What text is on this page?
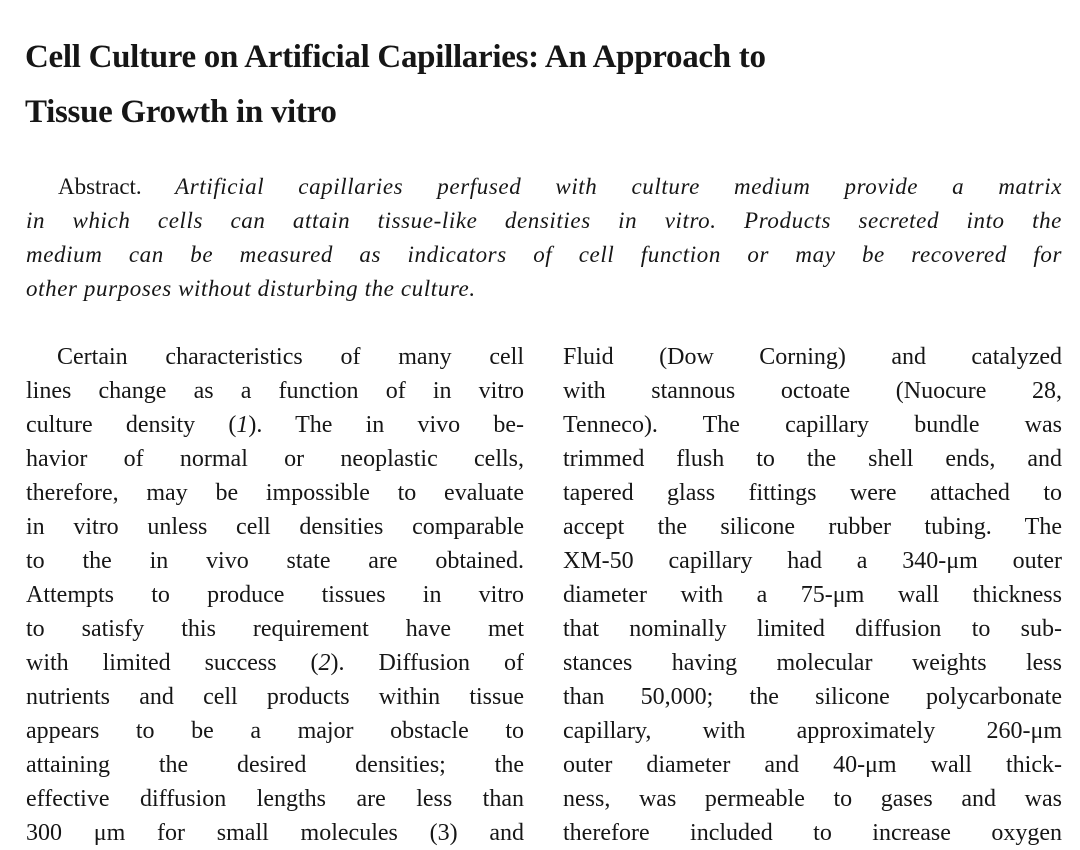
Cell Culture on Artificial Capillaries: An Approach to
Tissue Growth in vitro
Abstract. Artificial capillaries perfused with culture medium provide a matrix
in which cells can attain tissue-like densities in vitro. Products secreted into the
medium can be measured as indicators of cell function or may be recovered for
other purposes without disturbing the culture.
Certain characteristics of many cell
lines change as a function of in vitro
culture density (1). The in vivo be-
havior of normal or neoplastic cells,
therefore, may be impossible to evaluate
in vitro unless cell densities comparable
to the in vivo state are obtained.
Attempts to produce tissues in vitro
to satisfy this requirement have met
with limited success (2). Diffusion of
nutrients and cell products within tissue
appears to be a major obstacle to
attaining the desired densities; the
effective diffusion lengths are less than
300 μm for small molecules (3) and
Fluid (Dow Corning) and catalyzed
with stannous octoate (Nuocure 28,
Tenneco). The capillary bundle was
trimmed flush to the shell ends, and
tapered glass fittings were attached to
accept the silicone rubber tubing. The
XM-50 capillary had a 340-μm outer
diameter with a 75-μm wall thickness
that nominally limited diffusion to sub-
stances having molecular weights less
than 50,000; the silicone polycarbonate
capillary, with approximately 260-μm
outer diameter and 40-μm wall thick-
ness, was permeable to gases and was
therefore included to increase oxygen
